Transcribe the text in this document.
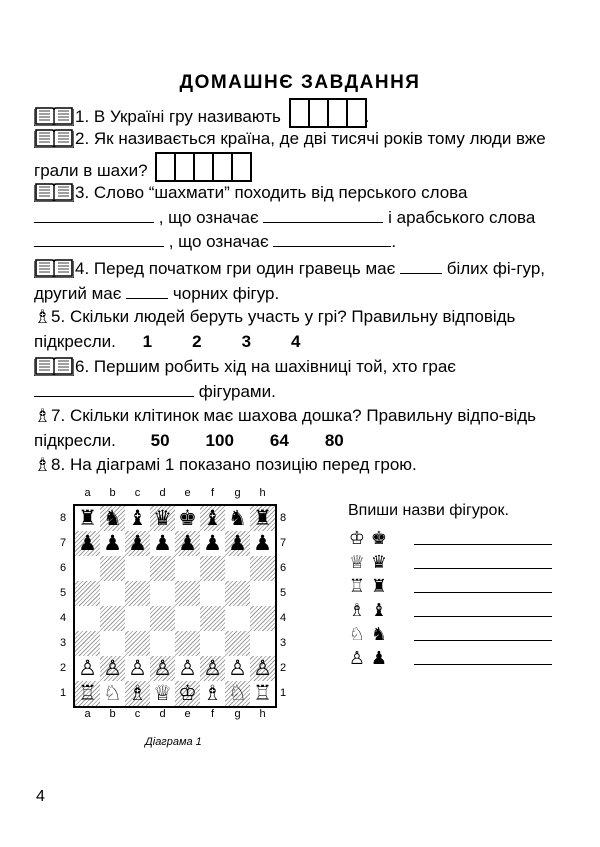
ДОМАШНЄ ЗАВДАННЯ
1. В Україні гру називають	.
2. Як називається країна, де дві тисячі років тому люди вже грали в шахи?
3. Слово “шахмати” походить від перського слова
, що означає	і арабського слова
, що означає	.
4. Перед початком гри один гравець має	білих фі-гур, другий має	чорних фігур.
♗5. Скільки людей беруть участь у грі? Правильну відповідь підкресли. 1 2 3 4
6. Першим робить хід на шахівниці той, хто грає
фігурами.
♗7. Скільки клітинок має шахова дошка? Правильну відпо-відь підкресли. 50 100 64 80
♗8. На діаграмі 1 показано позицію перед грою.
♜ ♞ ♝ ♛ ♚ ♝ ♞ ♜
♟ ♟ ♟ ♟ ♟ ♟ ♟ ♟
♙ ♙ ♙ ♙ ♙ ♙ ♙ ♙
♖ ♘ ♗ ♕ ♔ ♗ ♘ ♖
a
a
b
b
c
c
d
d
e
e
f
f
g
g
h
h
8	8
7	7
6	6
5	5
4	4
3	3
2	2
1	1
Діаграма 1
Впиши назви фігурок.
♔ ♚
♕ ♛
♖ ♜
♗ ♝
♘ ♞
♙ ♟
4
